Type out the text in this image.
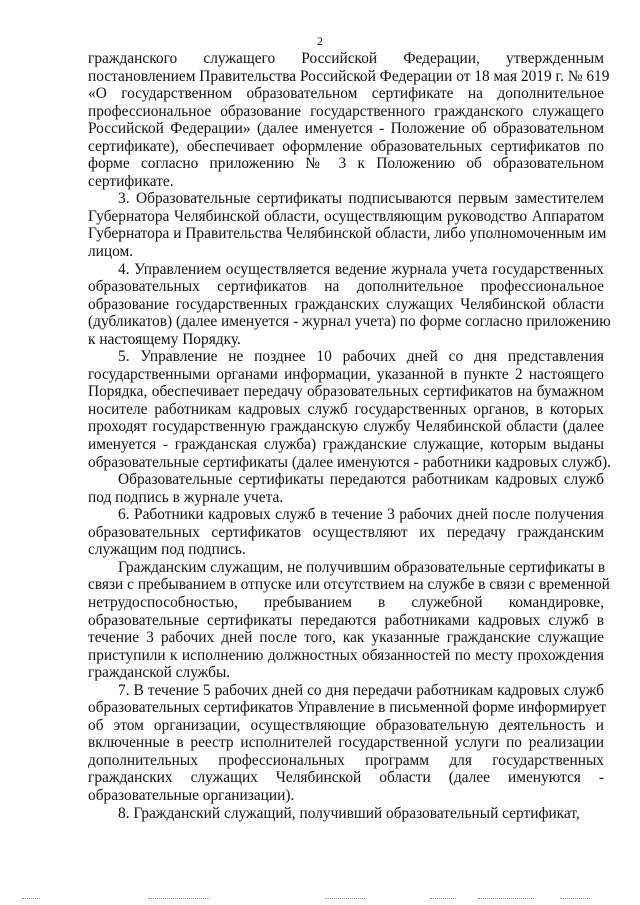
2

гражданского служащего Российской Федерации, утвержденным
постановлением Правительства Российской Федерации от 18 мая 2019 г. № 619
«О государственном образовательном сертификате на дополнительное
профессиональное образование государственного гражданского служащего
Российской Федерации» (далее именуется - Положение об образовательном
сертификате), обеспечивает оформление образовательных сертификатов по
форме согласно приложению № 3 к Положению об образовательном
сертификате.

3. Образовательные сертификаты подписываются первым заместителем
Губернатора Челябинской области, осуществляющим руководство Аппаратом
Губернатора и Правительства Челябинской области, либо уполномоченным им
лицом.

4. Управлением осуществляется ведение журнала учета государственных
образовательных сертификатов на дополнительное профессиональное
образование государственных гражданских служащих Челябинской области
(дубликатов) (далее именуется - журнал учета) по форме согласно приложению
к настоящему Порядку.

5. Управление не позднее 10 рабочих дней со дня представления
государственными органами информации, указанной в пункте 2 настоящего
Порядка, обеспечивает передачу образовательных сертификатов на бумажном
носителе работникам кадровых служб государственных органов, в которых
проходят государственную гражданскую службу Челябинской области (далее
именуется - гражданская служба) гражданские служащие, которым выданы
образовательные сертификаты (далее именуются - работники кадровых служб).

Образовательные сертификаты передаются работникам кадровых служб
под подпись в журнале учета.

6. Работники кадровых служб в течение 3 рабочих дней после получения
образовательных сертификатов осуществляют их передачу гражданским
служащим под подпись.

Гражданским служащим, не получившим образовательные сертификаты в
связи с пребыванием в отпуске или отсутствием на службе в связи с временной
нетрудоспособностью, пребыванием в служебной командировке,
образовательные сертификаты передаются работниками кадровых служб в
течение 3 рабочих дней после того, как указанные гражданские служащие
приступили к исполнению должностных обязанностей по месту прохождения
гражданской службы.

7. В течение 5 рабочих дней со дня передачи работникам кадровых служб
образовательных сертификатов Управление в письменной форме информирует
об этом организации, осуществляющие образовательную деятельность и
включенные в реестр исполнителей государственной услуги по реализации
дополнительных профессиональных программ для государственных
гражданских служащих Челябинской области (далее именуются -
образовательные организации).

8. Гражданский служащий, получивший образовательный сертификат,
